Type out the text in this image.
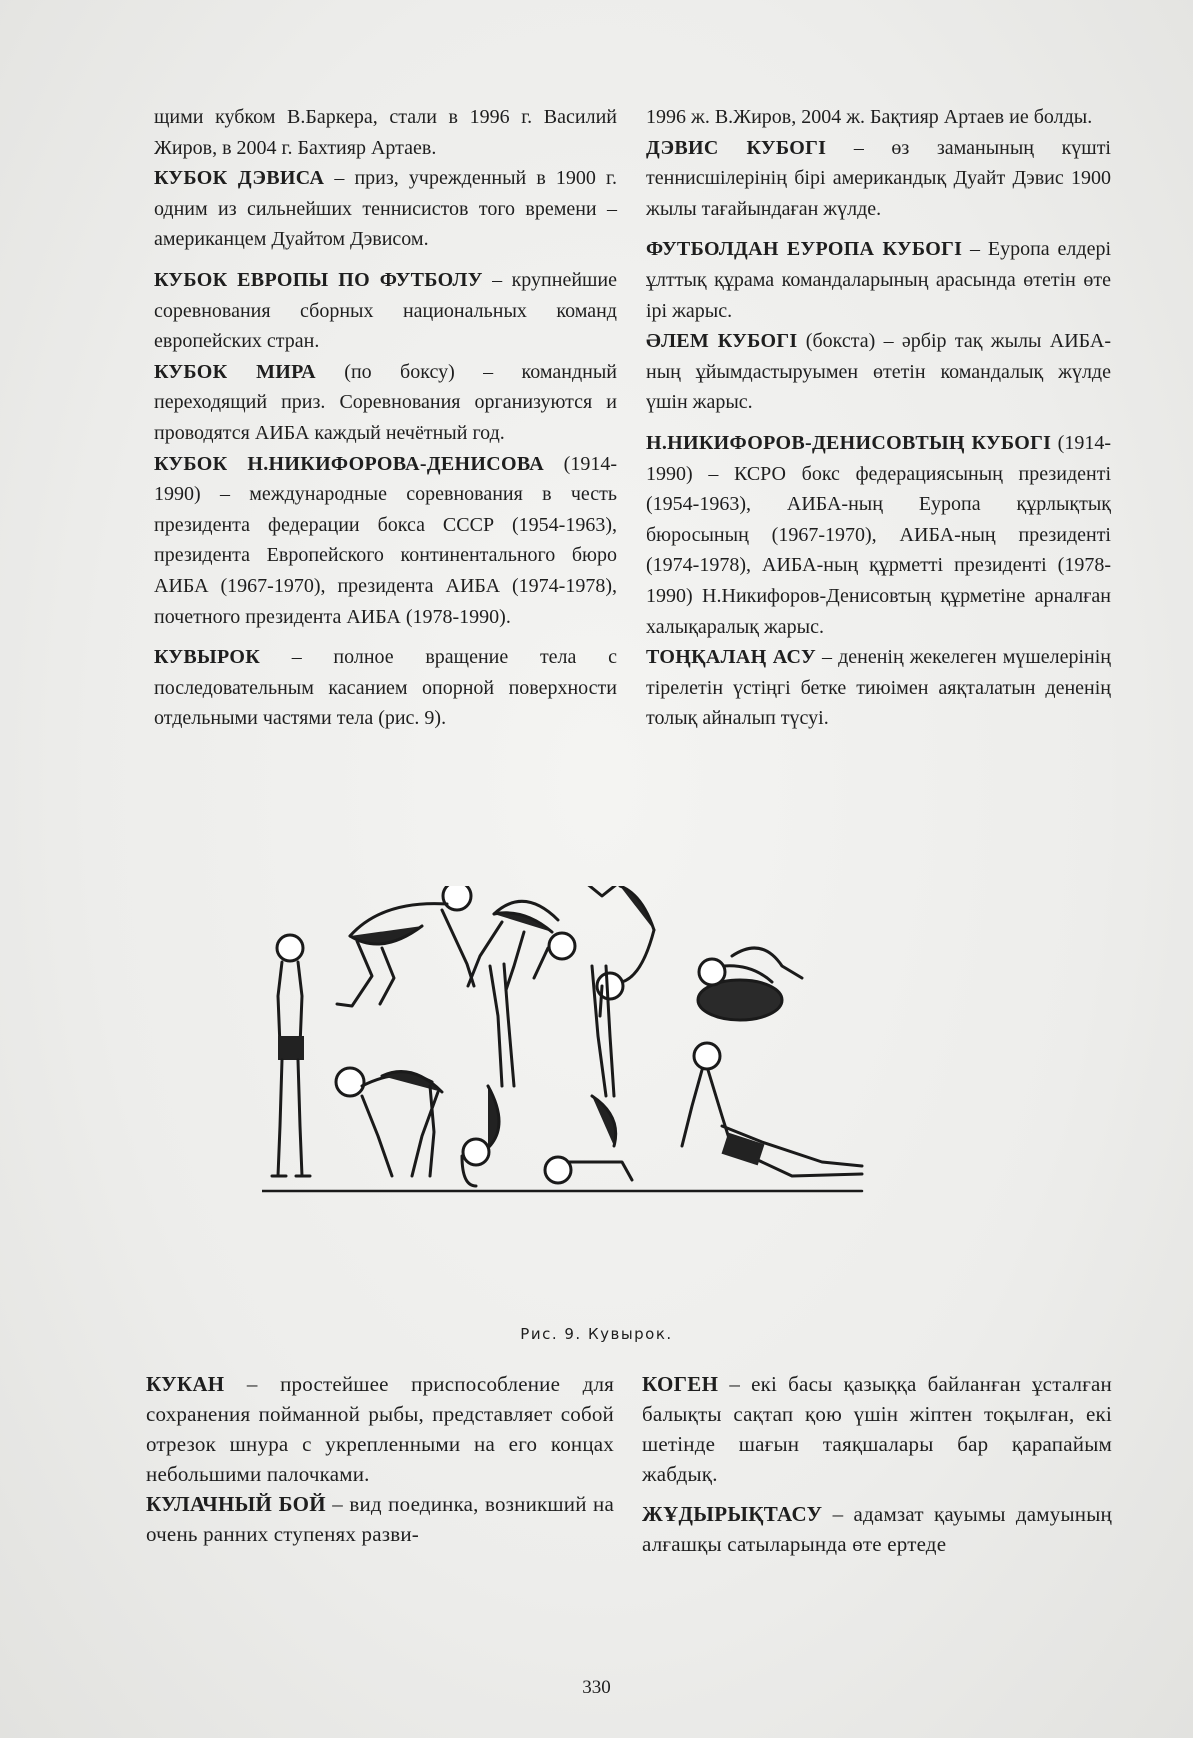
щими кубком В.Баркера, стали в 1996 г. Василий Жиров, в 2004 г. Бахтияр Артаев.

КУБОК ДЭВИСА – приз, учрежденный в 1900 г. одним из сильнейших теннисистов того времени – американцем Дуайтом Дэвисом.

КУБОК ЕВРОПЫ ПО ФУТБОЛУ – крупнейшие соревнования сборных национальных команд европейских стран.

КУБОК МИРА (по боксу) – командный переходящий приз. Соревнования организуются и проводятся АИБА каждый нечётный год.

КУБОК Н.НИКИФОРОВА-ДЕНИСОВА (1914-1990) – международные соревнования в честь президента федерации бокса СССР (1954-1963), президента Европейского континентального бюро АИБА (1967-1970), президента АИБА (1974-1978), почетного президента АИБА (1978-1990).

КУВЫРОК – полное вращение тела с последовательным касанием опорной поверхности отдельными частями тела (рис. 9).

1996 ж. В.Жиров, 2004 ж. Бақтияр Артаев ие болды.

ДЭВИС КУБОГІ – өз заманының күшті теннисшілерінің бірі американдық Дуайт Дэвис 1900 жылы тағайындаған жүлде.

ФУТБОЛДАН ЕУРОПА КУБОГІ – Еуропа елдері ұлттық құрама командаларының арасында өтетін өте ірі жарыс.

ӘЛЕМ КУБОГІ (бокста) – әрбір тақ жылы АИБА-ның ұйымдастыруымен өтетін командалық жүлде үшін жарыс.

Н.НИКИФОРОВ-ДЕНИСОВТЫҢ КУБОГІ (1914-1990) – КСРО бокс федерациясының президенті (1954-1963), АИБА-ның Еуропа құрлықтық бюросының (1967-1970), АИБА-ның президенті (1974-1978), АИБА-ның құрметті президенті (1978-1990) Н.Никифоров-Денисовтың құрметіне арналған халықаралық жарыс.

ТОҢҚАЛАҢ АСУ – дененің жекелеген мүшелерінің тірелетін үстіңгі бетке тиюімен аяқталатын дененің толық айналып түсуі.

Рис. 9. Кувырок.

КУКАН – простейшее приспособление для сохранения пойманной рыбы, представляет собой отрезок шнура с укрепленными на его концах небольшими палочками.

КУЛАЧНЫЙ БОЙ – вид поединка, возникший на очень ранних ступенях разви-

КОГЕН – екі басы қазыққа байланған ұсталған балықты сақтап қою үшін жіптен тоқылған, екі шетінде шағын таяқшалары бар қарапайым жабдық.

ЖҰДЫРЫҚТАСУ – адамзат қауымы дамуының алғашқы сатыларында өте ертеде

330
